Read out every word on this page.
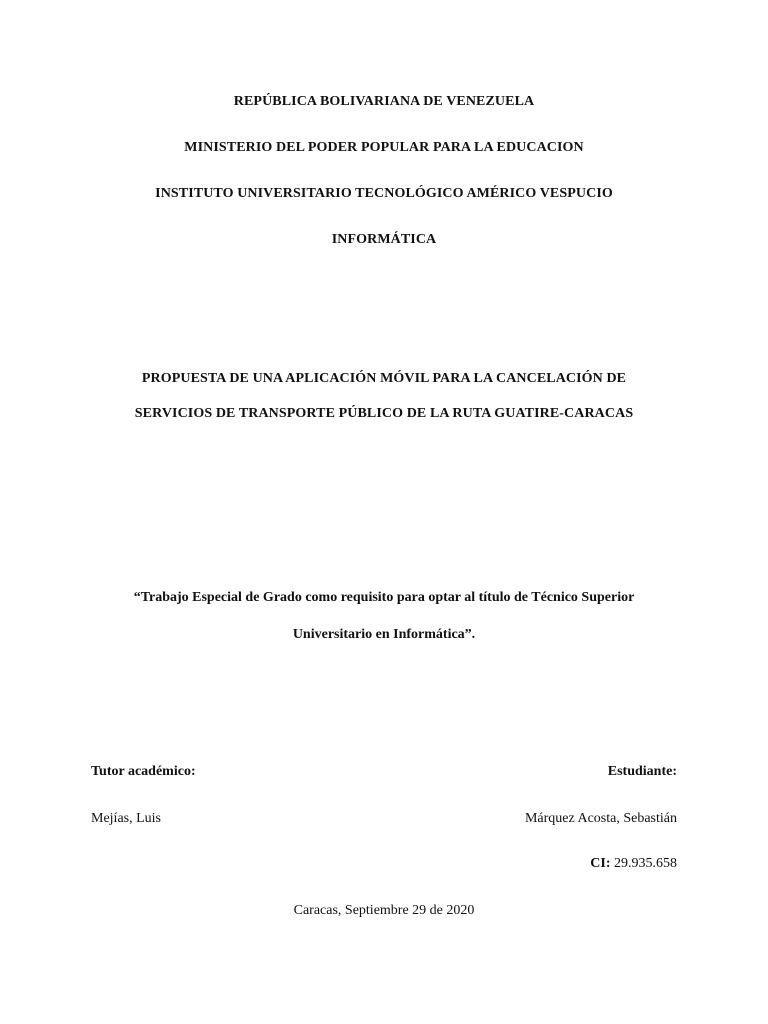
REPÚBLICA BOLIVARIANA DE VENEZUELA
MINISTERIO DEL PODER POPULAR PARA LA EDUCACION
INSTITUTO UNIVERSITARIO TECNOLÓGICO AMÉRICO VESPUCIO
INFORMÁTICA
PROPUESTA DE UNA APLICACIÓN MÓVIL PARA LA CANCELACIÓN DE
SERVICIOS DE TRANSPORTE PÚBLICO DE LA RUTA GUATIRE-CARACAS
“Trabajo Especial de Grado como requisito para optar al título de Técnico Superior
Universitario en Informática”.
Tutor académico:
Mejías, Luis
Estudiante:
Márquez Acosta, Sebastián
CI: 29.935.658
Caracas, Septiembre 29 de 2020
